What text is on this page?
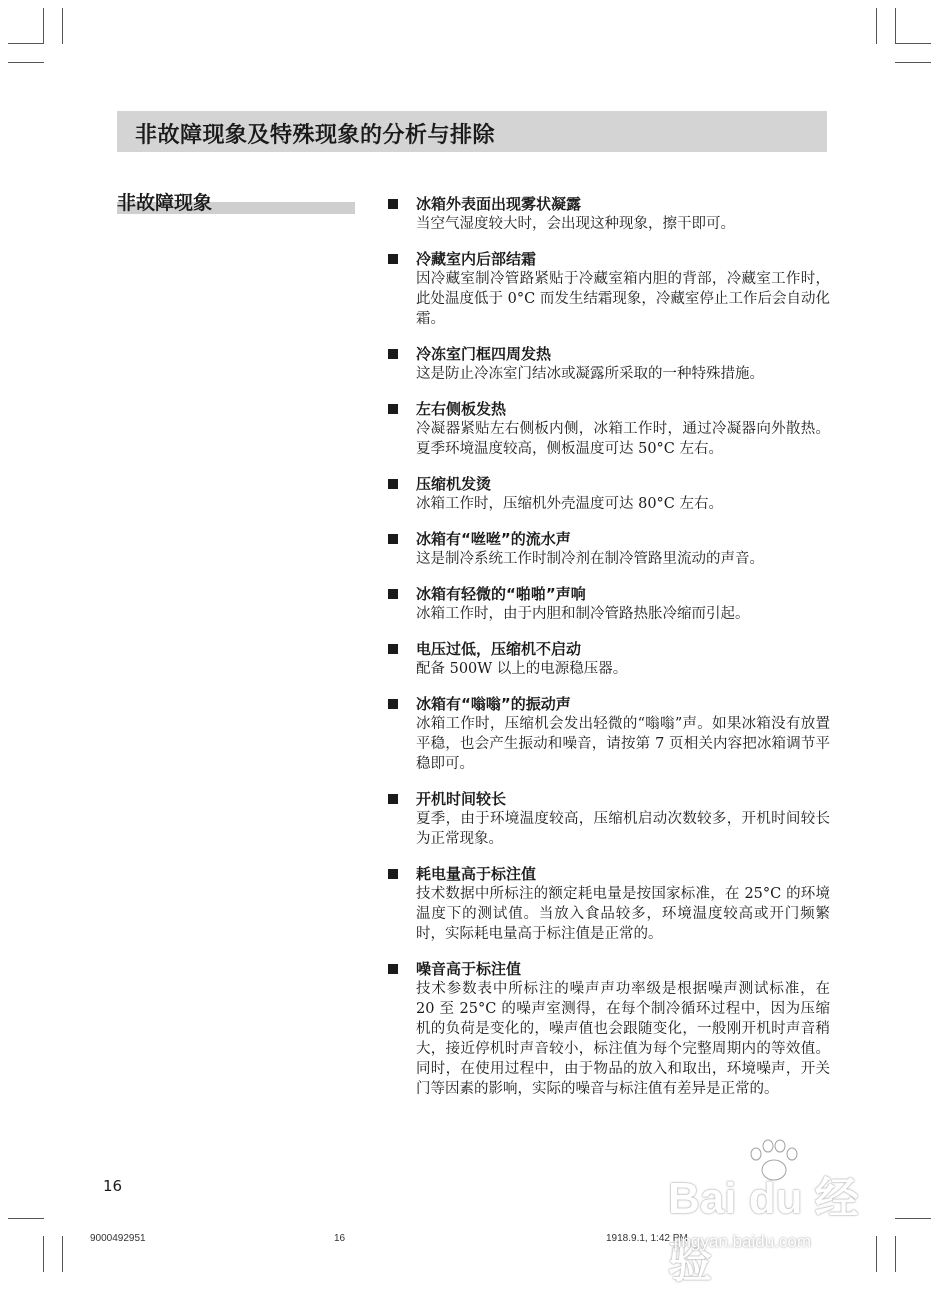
非故障现象及特殊现象的分析与排除
非故障现象	冰箱外表面出现雾状凝露
当空气湿度较大时，会出现这种现象，擦干即可。
冷藏室内后部结霜
因冷藏室制冷管路紧贴于冷藏室箱内胆的背部，冷藏室工作时，此处温度低于 0°C 而发生结霜现象，冷藏室停止工作后会自动化霜。
冷冻室门框四周发热
这是防止冷冻室门结冰或凝露所采取的一种特殊措施。
左右侧板发热
冷凝器紧贴左右侧板内侧，冰箱工作时，通过冷凝器向外散热。夏季环境温度较高，侧板温度可达 50°C 左右。
压缩机发烫
冰箱工作时，压缩机外壳温度可达 80°C 左右。
冰箱有“咝咝”的流水声
这是制冷系统工作时制冷剂在制冷管路里流动的声音。
冰箱有轻微的“啪啪”声响
冰箱工作时，由于内胆和制冷管路热胀冷缩而引起。
电压过低，压缩机不启动
配备 500W 以上的电源稳压器。
冰箱有“嗡嗡”的振动声
冰箱工作时，压缩机会发出轻微的“嗡嗡”声。如果冰箱没有放置平稳，也会产生振动和噪音，请按第 7 页相关内容把冰箱调节平稳即可。
开机时间较长
夏季，由于环境温度较高，压缩机启动次数较多，开机时间较长为正常现象。
耗电量高于标注值
技术数据中所标注的额定耗电量是按国家标准，在 25°C 的环境温度下的测试值。当放入食品较多，环境温度较高或开门频繁时，实际耗电量高于标注值是正常的。
噪音高于标注值
技术参数表中所标注的噪声声功率级是根据噪声测试标准，在 20 至 25°C 的噪声室测得，在每个制冷循环过程中，因为压缩机的负荷是变化的，噪声值也会跟随变化，一般刚开机时声音稍大，接近停机时声音较小，标注值为每个完整周期内的等效值。同时，在使用过程中，由于物品的放入和取出，环境噪声，开关门等因素的影响，实际的噪音与标注值有差异是正常的。
16
9000492951	16	1918.9.1, 1:42 PM
Bai du 经验
jingyan.baidu.com
